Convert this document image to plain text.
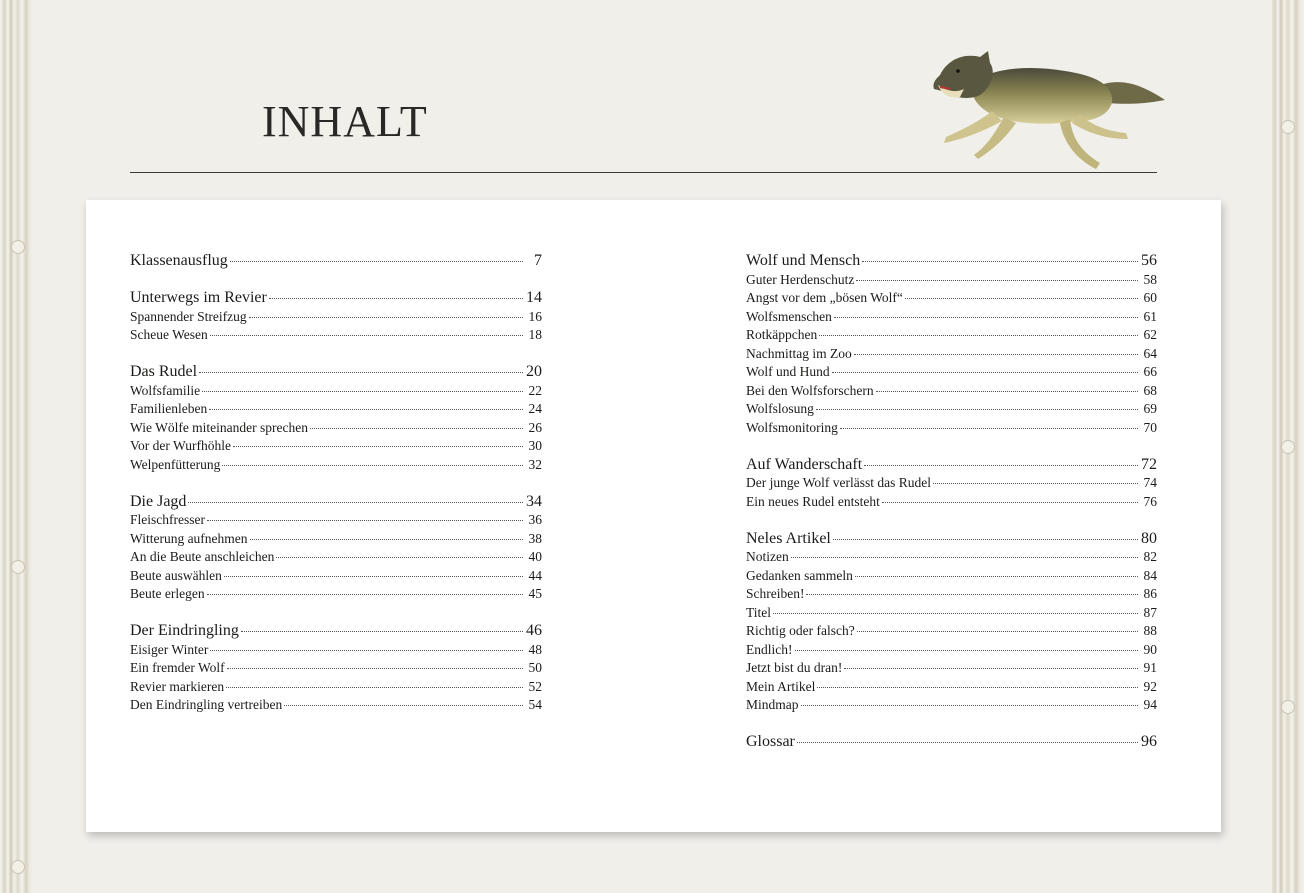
INHALT
Klassenausflug	7
Unterwegs im Revier	14
Spannender Streifzug	16
Scheue Wesen	18
Das Rudel	20
Wolfsfamilie	22
Familienleben	24
Wie Wölfe miteinander sprechen	26
Vor der Wurfhöhle	30
Welpenfütterung	32
Die Jagd	34
Fleischfresser	36
Witterung aufnehmen	38
An die Beute anschleichen	40
Beute auswählen	44
Beute erlegen	45
Der Eindringling	46
Eisiger Winter	48
Ein fremder Wolf	50
Revier markieren	52
Den Eindringling vertreiben	54
Wolf und Mensch	56
Guter Herdenschutz	58
Angst vor dem „bösen Wolf“	60
Wolfsmenschen	61
Rotkäppchen	62
Nachmittag im Zoo	64
Wolf und Hund	66
Bei den Wolfsforschern	68
Wolfslosung	69
Wolfsmonitoring	70
Auf Wanderschaft	72
Der junge Wolf verlässt das Rudel	74
Ein neues Rudel entsteht	76
Neles Artikel	80
Notizen	82
Gedanken sammeln	84
Schreiben!	86
Titel	87
Richtig oder falsch?	88
Endlich!	90
Jetzt bist du dran!	91
Mein Artikel	92
Mindmap	94
Glossar	96
